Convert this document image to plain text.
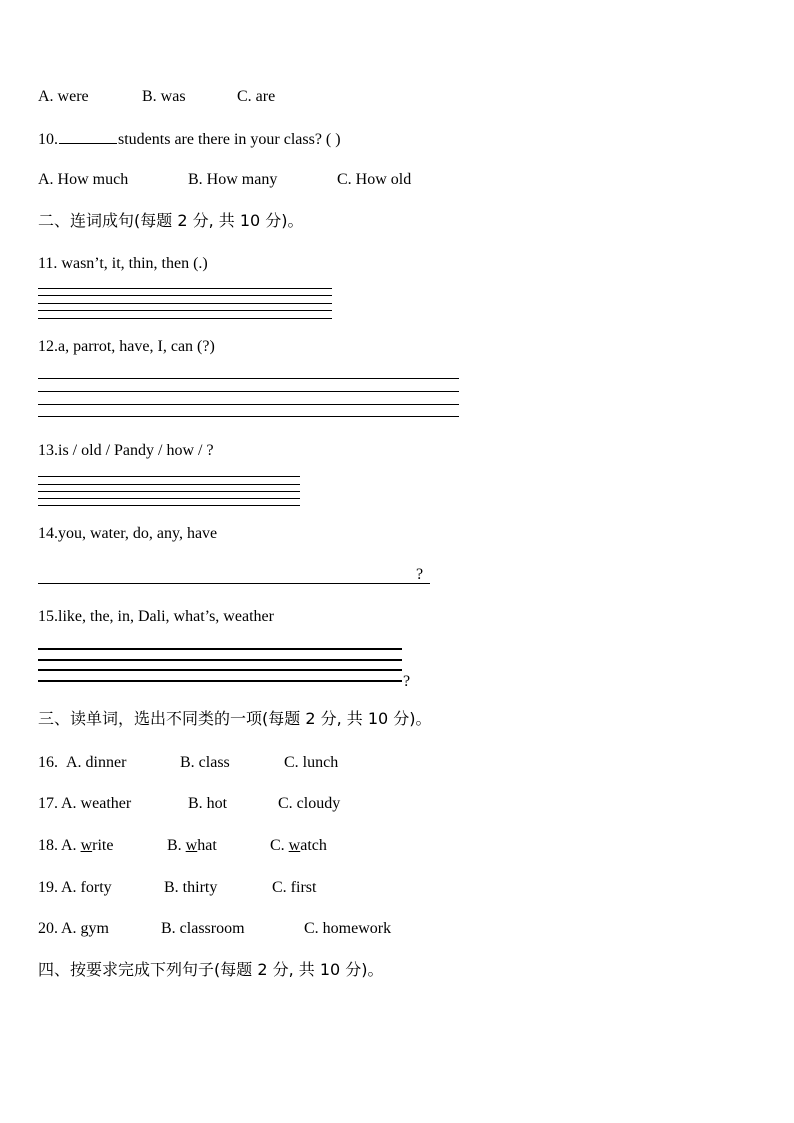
A. were	B. was	C. are
10.	students are there in your class? ( )
A. How much	B. How many	C. How old
二、连词成句(每题 2 分, 共 10 分)。
11. wasn’t, it, thin, then (.)
12.a, parrot, have, I, can (?)
13.is / old / Pandy / how / ?
14.you, water, do, any, have
?
15.like, the, in, Dali, what’s, weather
?
三、读单词，选出不同类的一项(每题 2 分, 共 10 分)。
16. A. dinner	B. class	C. lunch
17. A. weather	B. hot	C. cloudy
18. A. write	B. what	C. watch
19. A. forty	B. thirty	C. first
20. A. gym	B. classroom	C. homework
四、按要求完成下列句子(每题 2 分, 共 10 分)。
